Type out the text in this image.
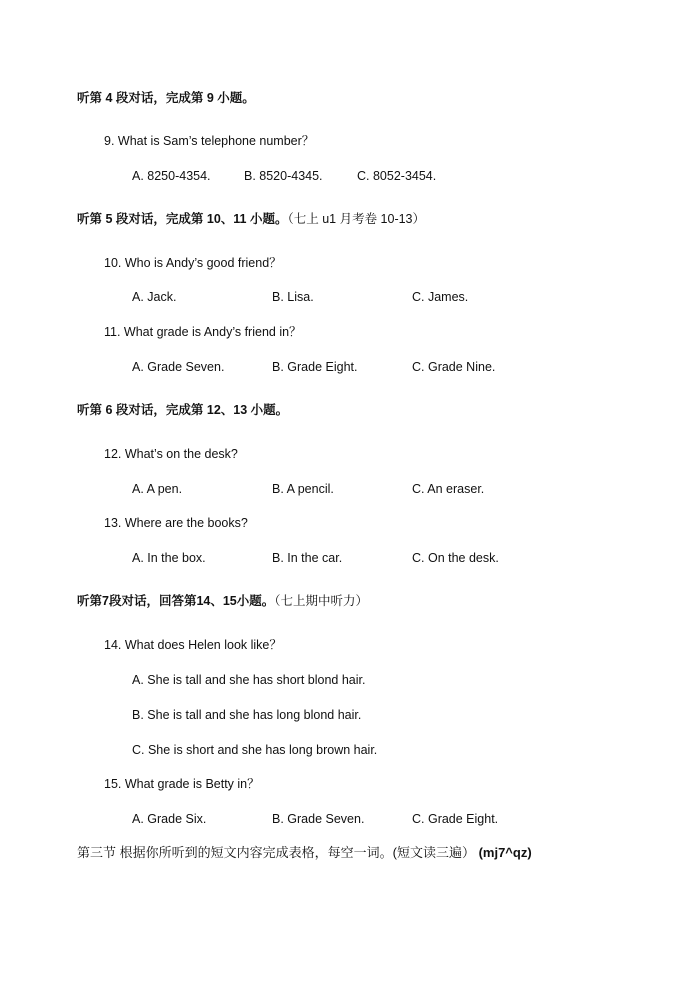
听第 4 段对话，完成第 9 小题。
9. What is Sam’s telephone number？
A. 8250-4354.	B. 8520-4345.	C. 8052-3454.
听第 5 段对话，完成第 10、11 小题。（七上 u1 月考卷 10-13）
10. Who is Andy’s good friend？
A. Jack.	B. Lisa.	C. James.
11. What grade is Andy’s friend in？
A. Grade Seven.	B. Grade Eight.	C. Grade Nine.
听第 6 段对话，完成第 12、13 小题。
12. What’s on the desk?
A. A pen.	B. A pencil.	C. An eraser.
13. Where are the books?
A. In the box.	B. In the car.	C. On the desk.
听第7段对话，回答第14、15小题。（七上期中听力）
14. What does Helen look like？
A. She is tall and she has short blond hair.
B. She is tall and she has long blond hair.
C. She is short and she has long brown hair.
15. What grade is Betty in？
A. Grade Six.	B. Grade Seven.	C. Grade Eight.
第三节 根据你所听到的短文内容完成表格，每空一词。(短文读三遍） (mj7^qz)
